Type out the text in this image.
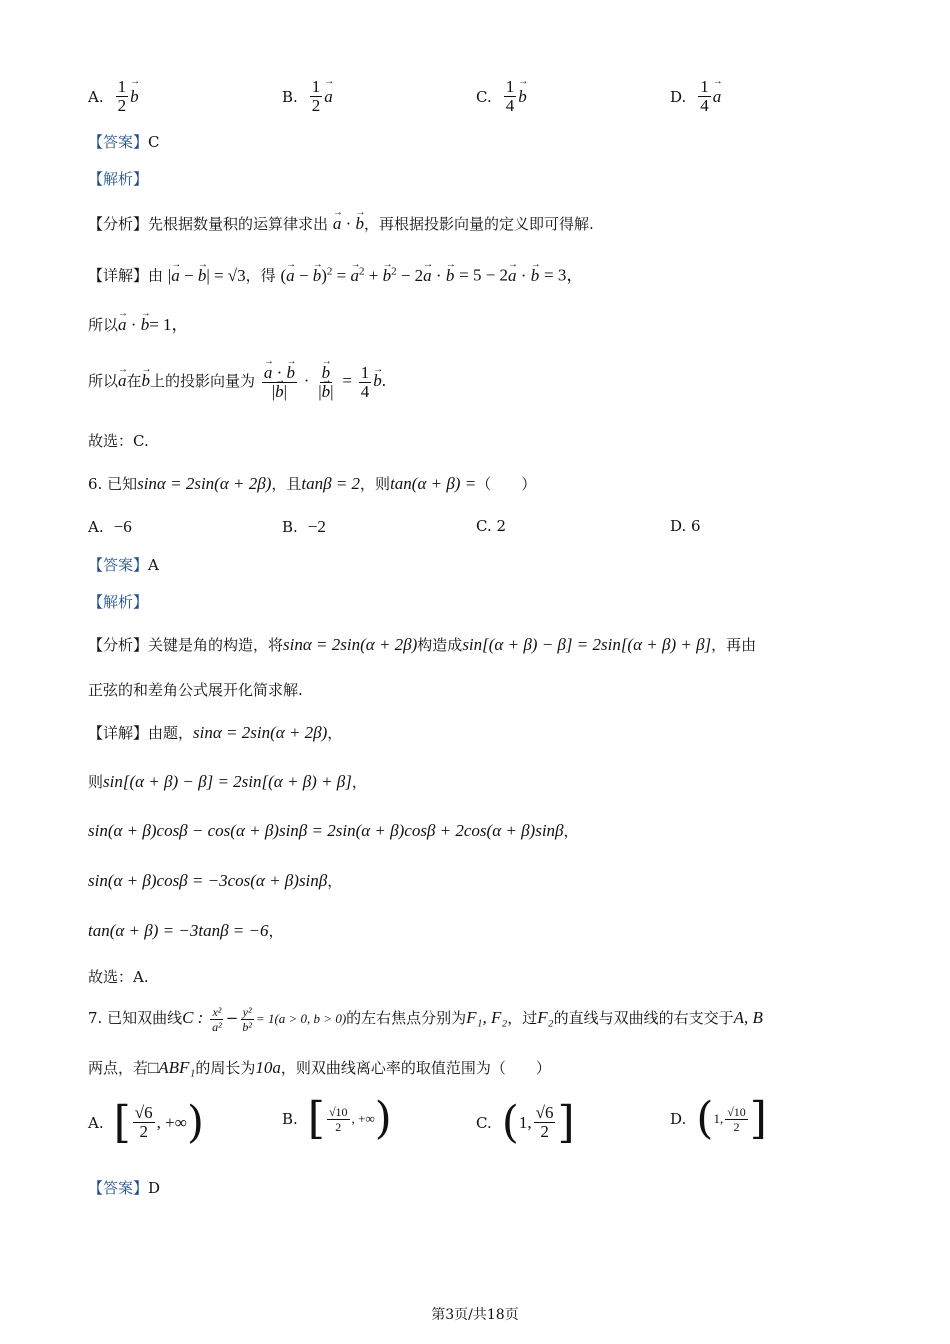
A. $\frac{1}{2} \to b$	B. $\frac{1}{2} \to a$	C. $\frac{1}{4} \to b$	D. $\frac{1}{4} \to a$
【答案】C
【解析】
【分析】先根据数量积的运算律求出 → a · → b，再根据投影向量的定义即可得解.
【详解】由 |→ a − → b| = √3，得 (→ a − → b)$^2$ = → $a^2$ + → $b^2 - 2\to a$ · → b = 5 − 2→ a · → b = 3，
所以→ a · → b= 1，
所以→ a在→ b上的投影向量为 → $\frac{a \cdot \to b}{|\to b|}$ · → $\frac{b}{|\to b|} = \frac{1}{4} \to b$.
故选：C.
6. 已知sinα = 2sin(α + 2β)，且tanβ = 2，则tan(α + β) =（　　）
A. −6	B. −2	C. 2	D. 6
【答案】A
【解析】
【分析】关键是角的构造，将sinα = 2sin(α + 2β)构造成sin[(α + β) − β] = 2sin[(α + β) + β]，再由
正弦的和差角公式展开化简求解.
【详解】由题，sinα = 2sin(α + 2β)，
则sin[(α + β) − β] = 2sin[(α + β) + β]，
sin(α + β)cosβ − cos(α + β)sinβ = 2sin(α + β)cosβ + 2cos(α + β)sinβ，
sin(α + β)cosβ = −3cos(α + β)sinβ，
tan(α + β) = −3tanβ = −6，
故选：A.
7. 已知双曲线C : $\frac{\text{x²}}{\text{a²}} - \frac{\text{y²}}{\text{b²}} = 1(a > 0$, b > 0)的左右焦点分别为F₁, F₂，过F₂的直线与双曲线的右支交于A, B
两点，若□ABF₁的周长为10a，则双曲线离心率的取值范围为（　　）
A. [ $\frac{√6}{2}$ , +∞ )	B. [ $\frac{√10}{2}$ , +∞ )	C. ( 1, $\frac{√6}{2}$ ]	D. ( 1, $\frac{√10}{2}$ ]
【答案】D
第3页/共18页
